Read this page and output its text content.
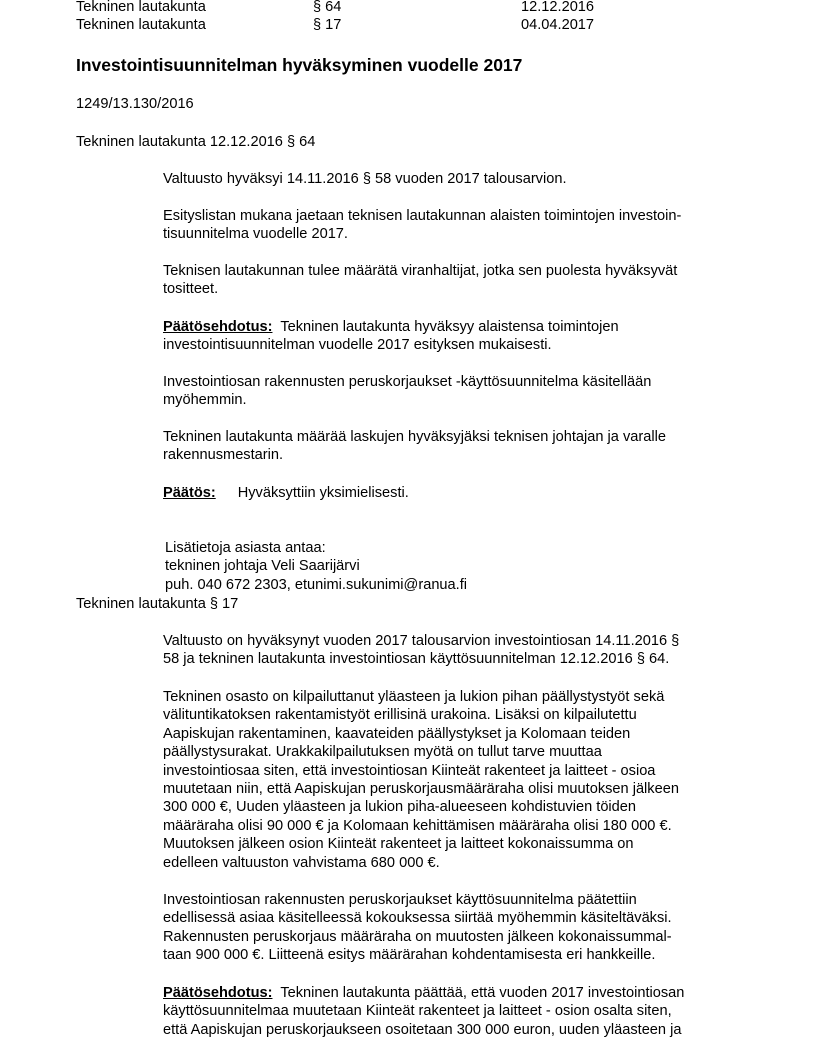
Tekninen lautakunta	§ 64	12.12.2016
Tekninen lautakunta	§ 17	04.04.2017
Investointisuunnitelman hyväksyminen vuodelle 2017
1249/13.130/2016
Tekninen lautakunta 12.12.2016 § 64
Valtuusto hyväksyi 14.11.2016 § 58 vuoden 2017 talousarvion.
Esityslistan mukana jaetaan teknisen lautakunnan alaisten toimintojen investoin-
tisuunnitelma vuodelle 2017.
Teknisen lautakunnan tulee määrätä viranhaltijat, jotka sen puolesta hyväksyvät
tositteet.
Päätösehdotus: Tekninen lautakunta hyväksyy alaistensa toimintojen
investointisuunnitelman vuodelle 2017 esityksen mukaisesti.
Investointiosan rakennusten peruskorjaukset -käyttösuunnitelma käsitellään
myöhemmin.
Tekninen lautakunta määrää laskujen hyväksyjäksi teknisen johtajan ja varalle
rakennusmestarin.
Päätös: Hyväksyttiin yksimielisesti.
Lisätietoja asiasta antaa:
tekninen johtaja Veli Saarijärvi
puh. 040 672 2303, etunimi.sukunimi@ranua.fi
Tekninen lautakunta § 17
Valtuusto on hyväksynyt vuoden 2017 talousarvion investointiosan 14.11.2016 §
58 ja tekninen lautakunta investointiosan käyttösuunnitelman 12.12.2016 § 64.
Tekninen osasto on kilpailuttanut yläasteen ja lukion pihan päällystystyöt sekä
välituntikatoksen rakentamistyöt erillisinä urakoina. Lisäksi on kilpailutettu
Aapiskujan rakentaminen, kaavateiden päällystykset ja Kolomaan teiden
päällystysurakat. Urakkakilpailutuksen myötä on tullut tarve muuttaa
investointiosaa siten, että investointiosan Kiinteät rakenteet ja laitteet - osioa
muutetaan niin, että Aapiskujan peruskorjausmääräraha olisi muutoksen jälkeen
300 000 €, Uuden yläasteen ja lukion piha-alueeseen kohdistuvien töiden
määräraha olisi 90 000 € ja Kolomaan kehittämisen määräraha olisi 180 000 €.
Muutoksen jälkeen osion Kiinteät rakenteet ja laitteet kokonaissumma on
edelleen valtuuston vahvistama 680 000 €.
Investointiosan rakennusten peruskorjaukset käyttösuunnitelma päätettiin
edellisessä asiaa käsitelleessä kokouksessa siirtää myöhemmin käsiteltäväksi.
Rakennusten peruskorjaus määräraha on muutosten jälkeen kokonaissummal-
taan 900 000 €. Liitteenä esitys määrärahan kohdentamisesta eri hankkeille.
Päätösehdotus: Tekninen lautakunta päättää, että vuoden 2017 investointiosan
käyttösuunnitelmaa muutetaan Kiinteät rakenteet ja laitteet - osion osalta siten,
että Aapiskujan peruskorjaukseen osoitetaan 300 000 euron, uuden yläasteen ja
